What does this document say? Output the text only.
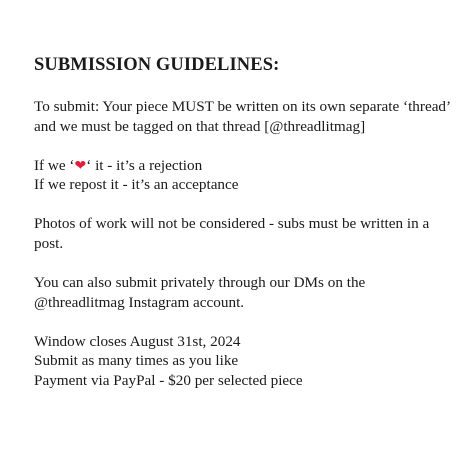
SUBMISSION GUIDELINES:

To submit: Your piece MUST be written on its own separate ‘thread’ and we must be tagged on that thread [@threadlitmag]

If we ‘❤‘ it - it’s a rejection

If we repost it - it’s an acceptance

Photos of work will not be considered - subs must be written in a post.

You can also submit privately through our DMs on the @threadlitmag Instagram account.

Window closes August 31st, 2024

Submit as many times as you like

Payment via PayPal - $20 per selected piece
